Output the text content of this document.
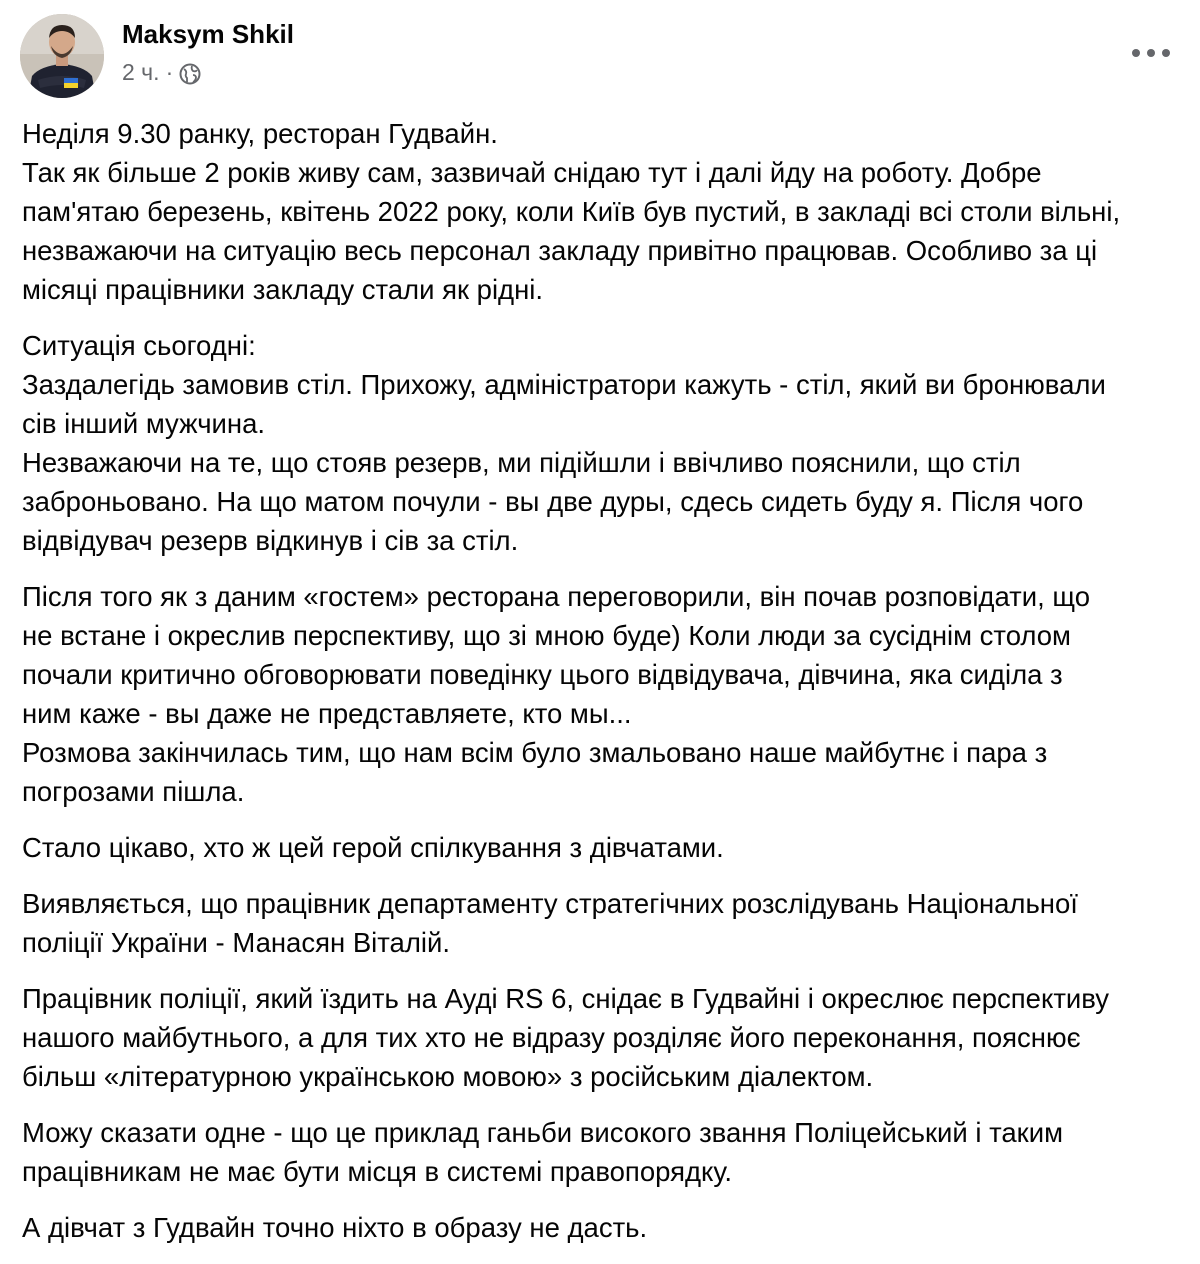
Maksym Shkil
2 ч. ·
Неділя 9.30 ранку, ресторан Гудвайн.
Так як більше 2 років живу сам, зазвичай снідаю тут і далі йду на роботу. Добре
пам'ятаю березень, квітень 2022 року, коли Київ був пустий, в закладі всі столи вільні,
незважаючи на ситуацію весь персонал закладу привітно працював. Особливо за ці
місяці працівники закладу стали як рідні.
Ситуація сьогодні:
Заздалегідь замовив стіл. Прихожу, адміністратори кажуть - стіл, який ви бронювали
сів інший мужчина.
Незважаючи на те, що стояв резерв, ми підійшли і ввічливо пояснили, що стіл
заброньовано. На що матом почули - вы две дуры, сдесь сидеть буду я. Після чого
відвідувач резерв відкинув і сів за стіл.
Після того як з даним «гостем» ресторана переговорили, він почав розповідати, що
не встане і окреслив перспективу, що зі мною буде) Коли люди за сусіднім столом
почали критично обговорювати поведінку цього відвідувача, дівчина, яка сиділа з
ним каже - вы даже не представляете, кто мы...
Розмова закінчилась тим, що нам всім було змальовано наше майбутнє і пара з
погрозами пішла.
Стало цікаво, хто ж цей герой спілкування з дівчатами.
Виявляється, що працівник департаменту стратегічних розслідувань Національної
поліції України - Манасян Віталій.
Працівник поліції, який їздить на Ауді RS 6, снідає в Гудвайні і окреслює перспективу
нашого майбутнього, а для тих хто не відразу розділяє його переконання, пояснює
більш «літературною українською мовою» з російським діалектом.
Можу сказати одне - що це приклад ганьби високого звання Поліцейський і таким
працівникам не має бути місця в системі правопорядку.
А дівчат з Гудвайн точно ніхто в образу не дасть.
